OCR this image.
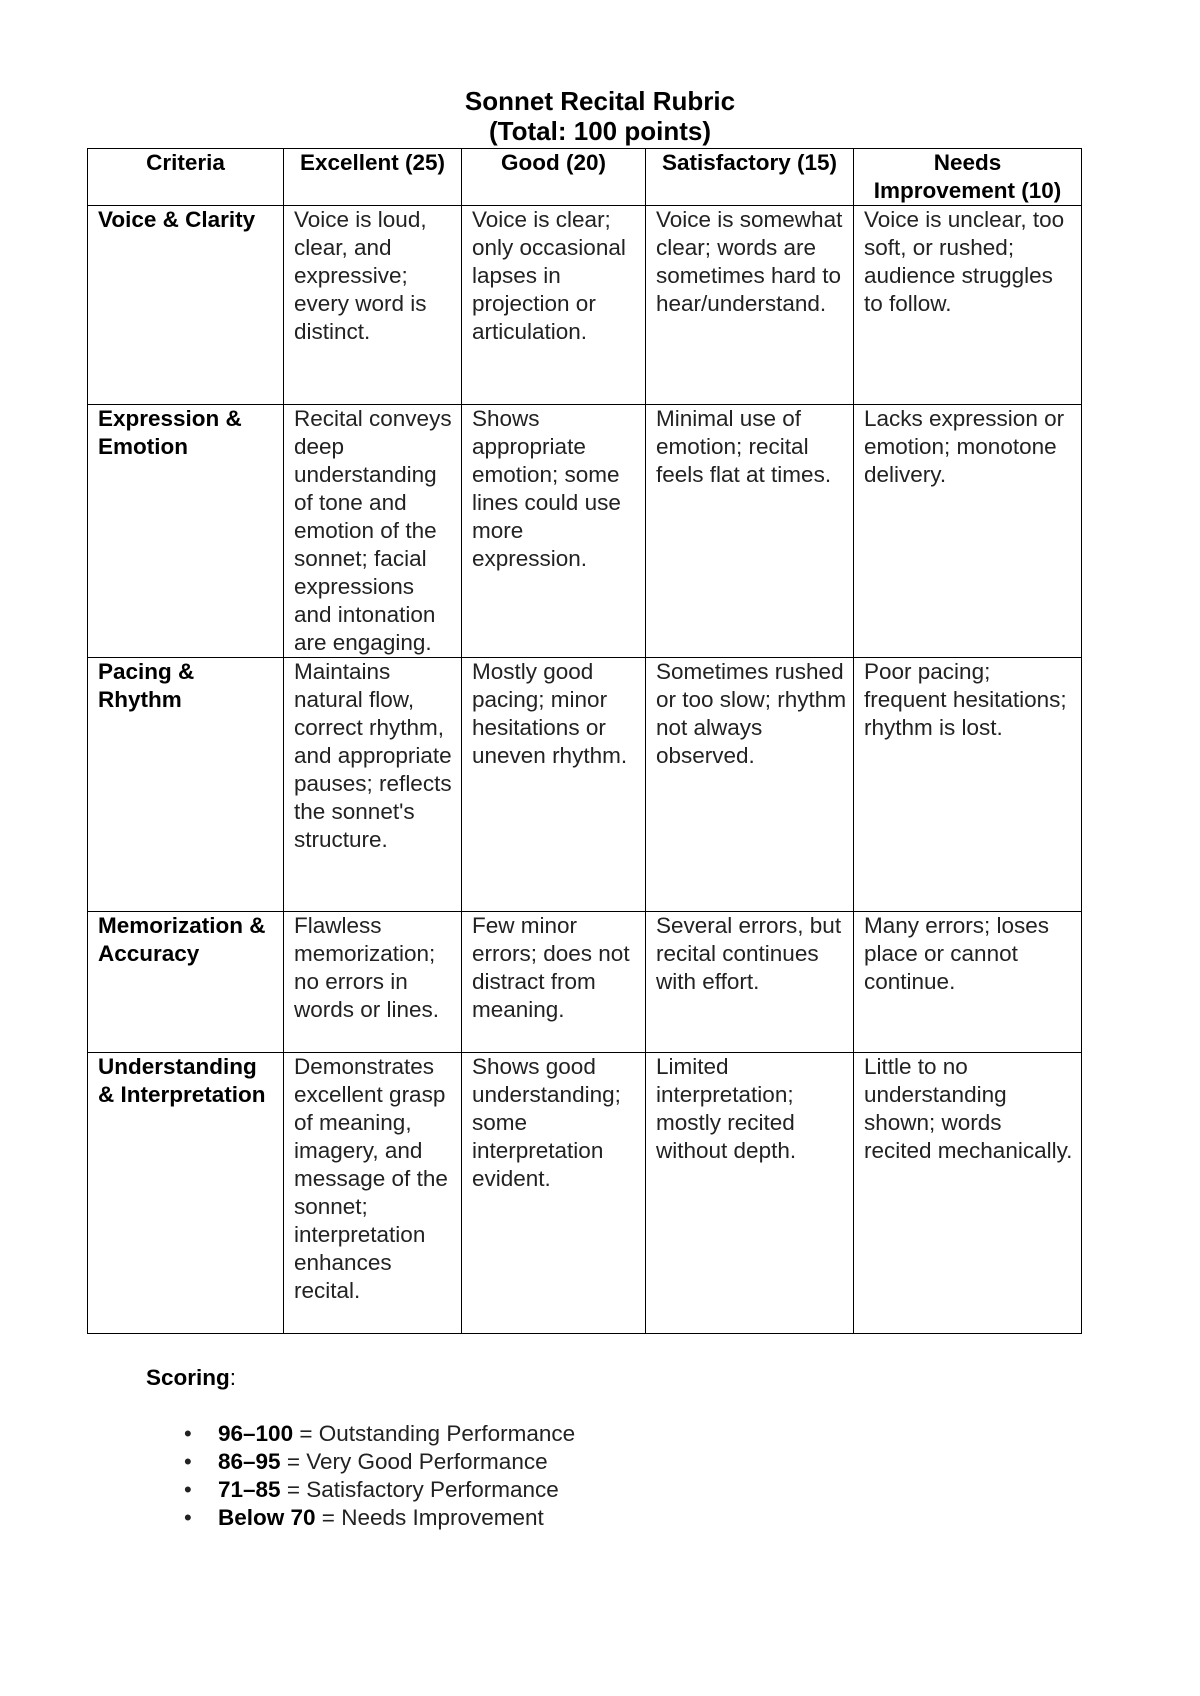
Sonnet Recital Rubric
(Total: 100 points)
Criteria	Excellent (25)	Good (20)	Satisfactory (15)	Needs Improvement (10)
Voice & Clarity	Voice is loud, clear, and expressive; every word is distinct.	Voice is clear; only occasional lapses in projection or articulation.	Voice is somewhat clear; words are sometimes hard to hear/understand.	Voice is unclear, too soft, or rushed; audience struggles to follow.
Expression & Emotion	Recital conveys deep understanding of tone and emotion of the sonnet; facial expressions and intonation are engaging.	Shows appropriate emotion; some lines could use more expression.	Minimal use of emotion; recital feels flat at times.	Lacks expression or emotion; monotone delivery.
Pacing & Rhythm	Maintains natural flow, correct rhythm, and appropriate pauses; reflects the sonnet's structure.	Mostly good pacing; minor hesitations or uneven rhythm.	Sometimes rushed or too slow; rhythm not always observed.	Poor pacing; frequent hesitations; rhythm is lost.
Memorization & Accuracy	Flawless memorization; no errors in words or lines.	Few minor errors; does not distract from meaning.	Several errors, but recital continues with effort.	Many errors; loses place or cannot continue.
Understanding & Interpretation	Demonstrates excellent grasp of meaning, imagery, and message of the sonnet; interpretation enhances recital.	Shows good understanding; some interpretation evident.	Limited interpretation; mostly recited without depth.	Little to no understanding shown; words recited mechanically.
Scoring:
• 96–100 = Outstanding Performance
• 86–95 = Very Good Performance
• 71–85 = Satisfactory Performance
• Below 70 = Needs Improvement
